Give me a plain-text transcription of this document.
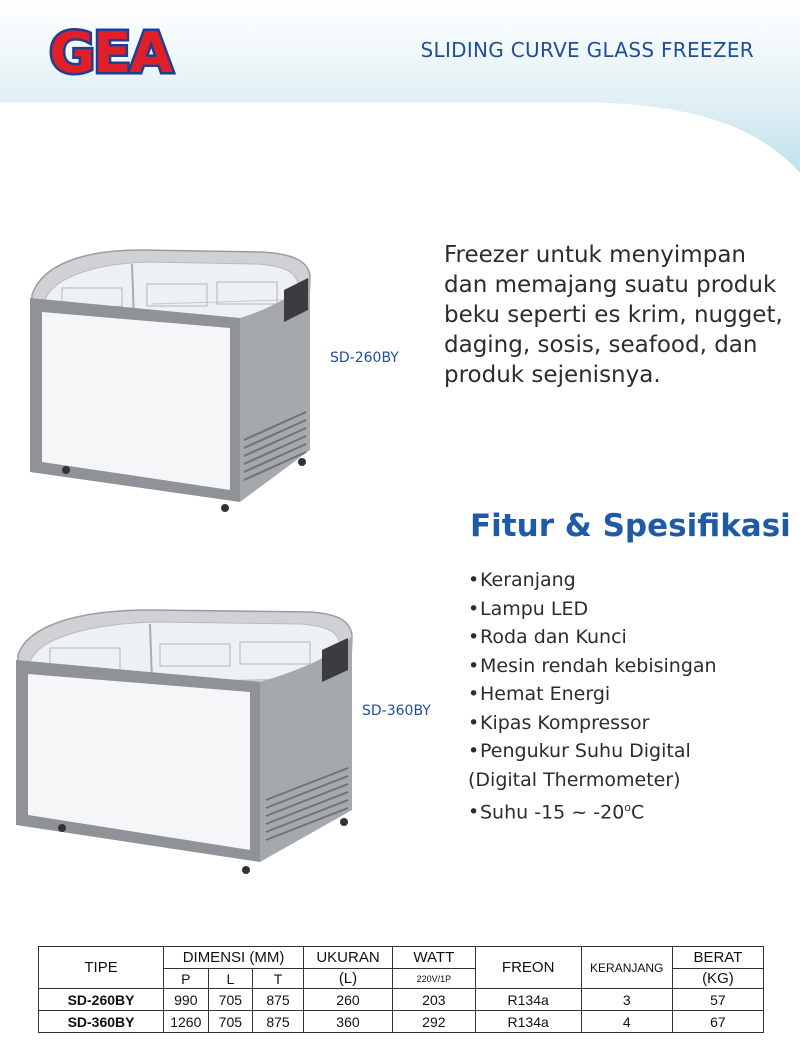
GEA	SLIDING CURVE GLASS FREEZER
SD-260BY
SD-360BY

Freezer untuk menyimpan dan memajang suatu produk beku seperti es krim, nugget, daging, sosis, seafood, dan produk sejenisnya.

Fitur & Spesifikasi
•Keranjang
•Lampu LED
•Roda dan Kunci
•Mesin rendah kebisingan
•Hemat Energi
•Kipas Kompressor
•Pengukur Suhu Digital
(Digital Thermometer)
•Suhu -15 ~ -20$^o$C
TIPE	DIMENSI (MM)			UKURAN	WATT	FREON	KERANJANG	BERAT
	P	L	T	(L)	220V/1P			(KG)
SD-260BY	990	705	875	260	203	R134a	3	57
SD-360BY	1260	705	875	360	292	R134a	4	67
